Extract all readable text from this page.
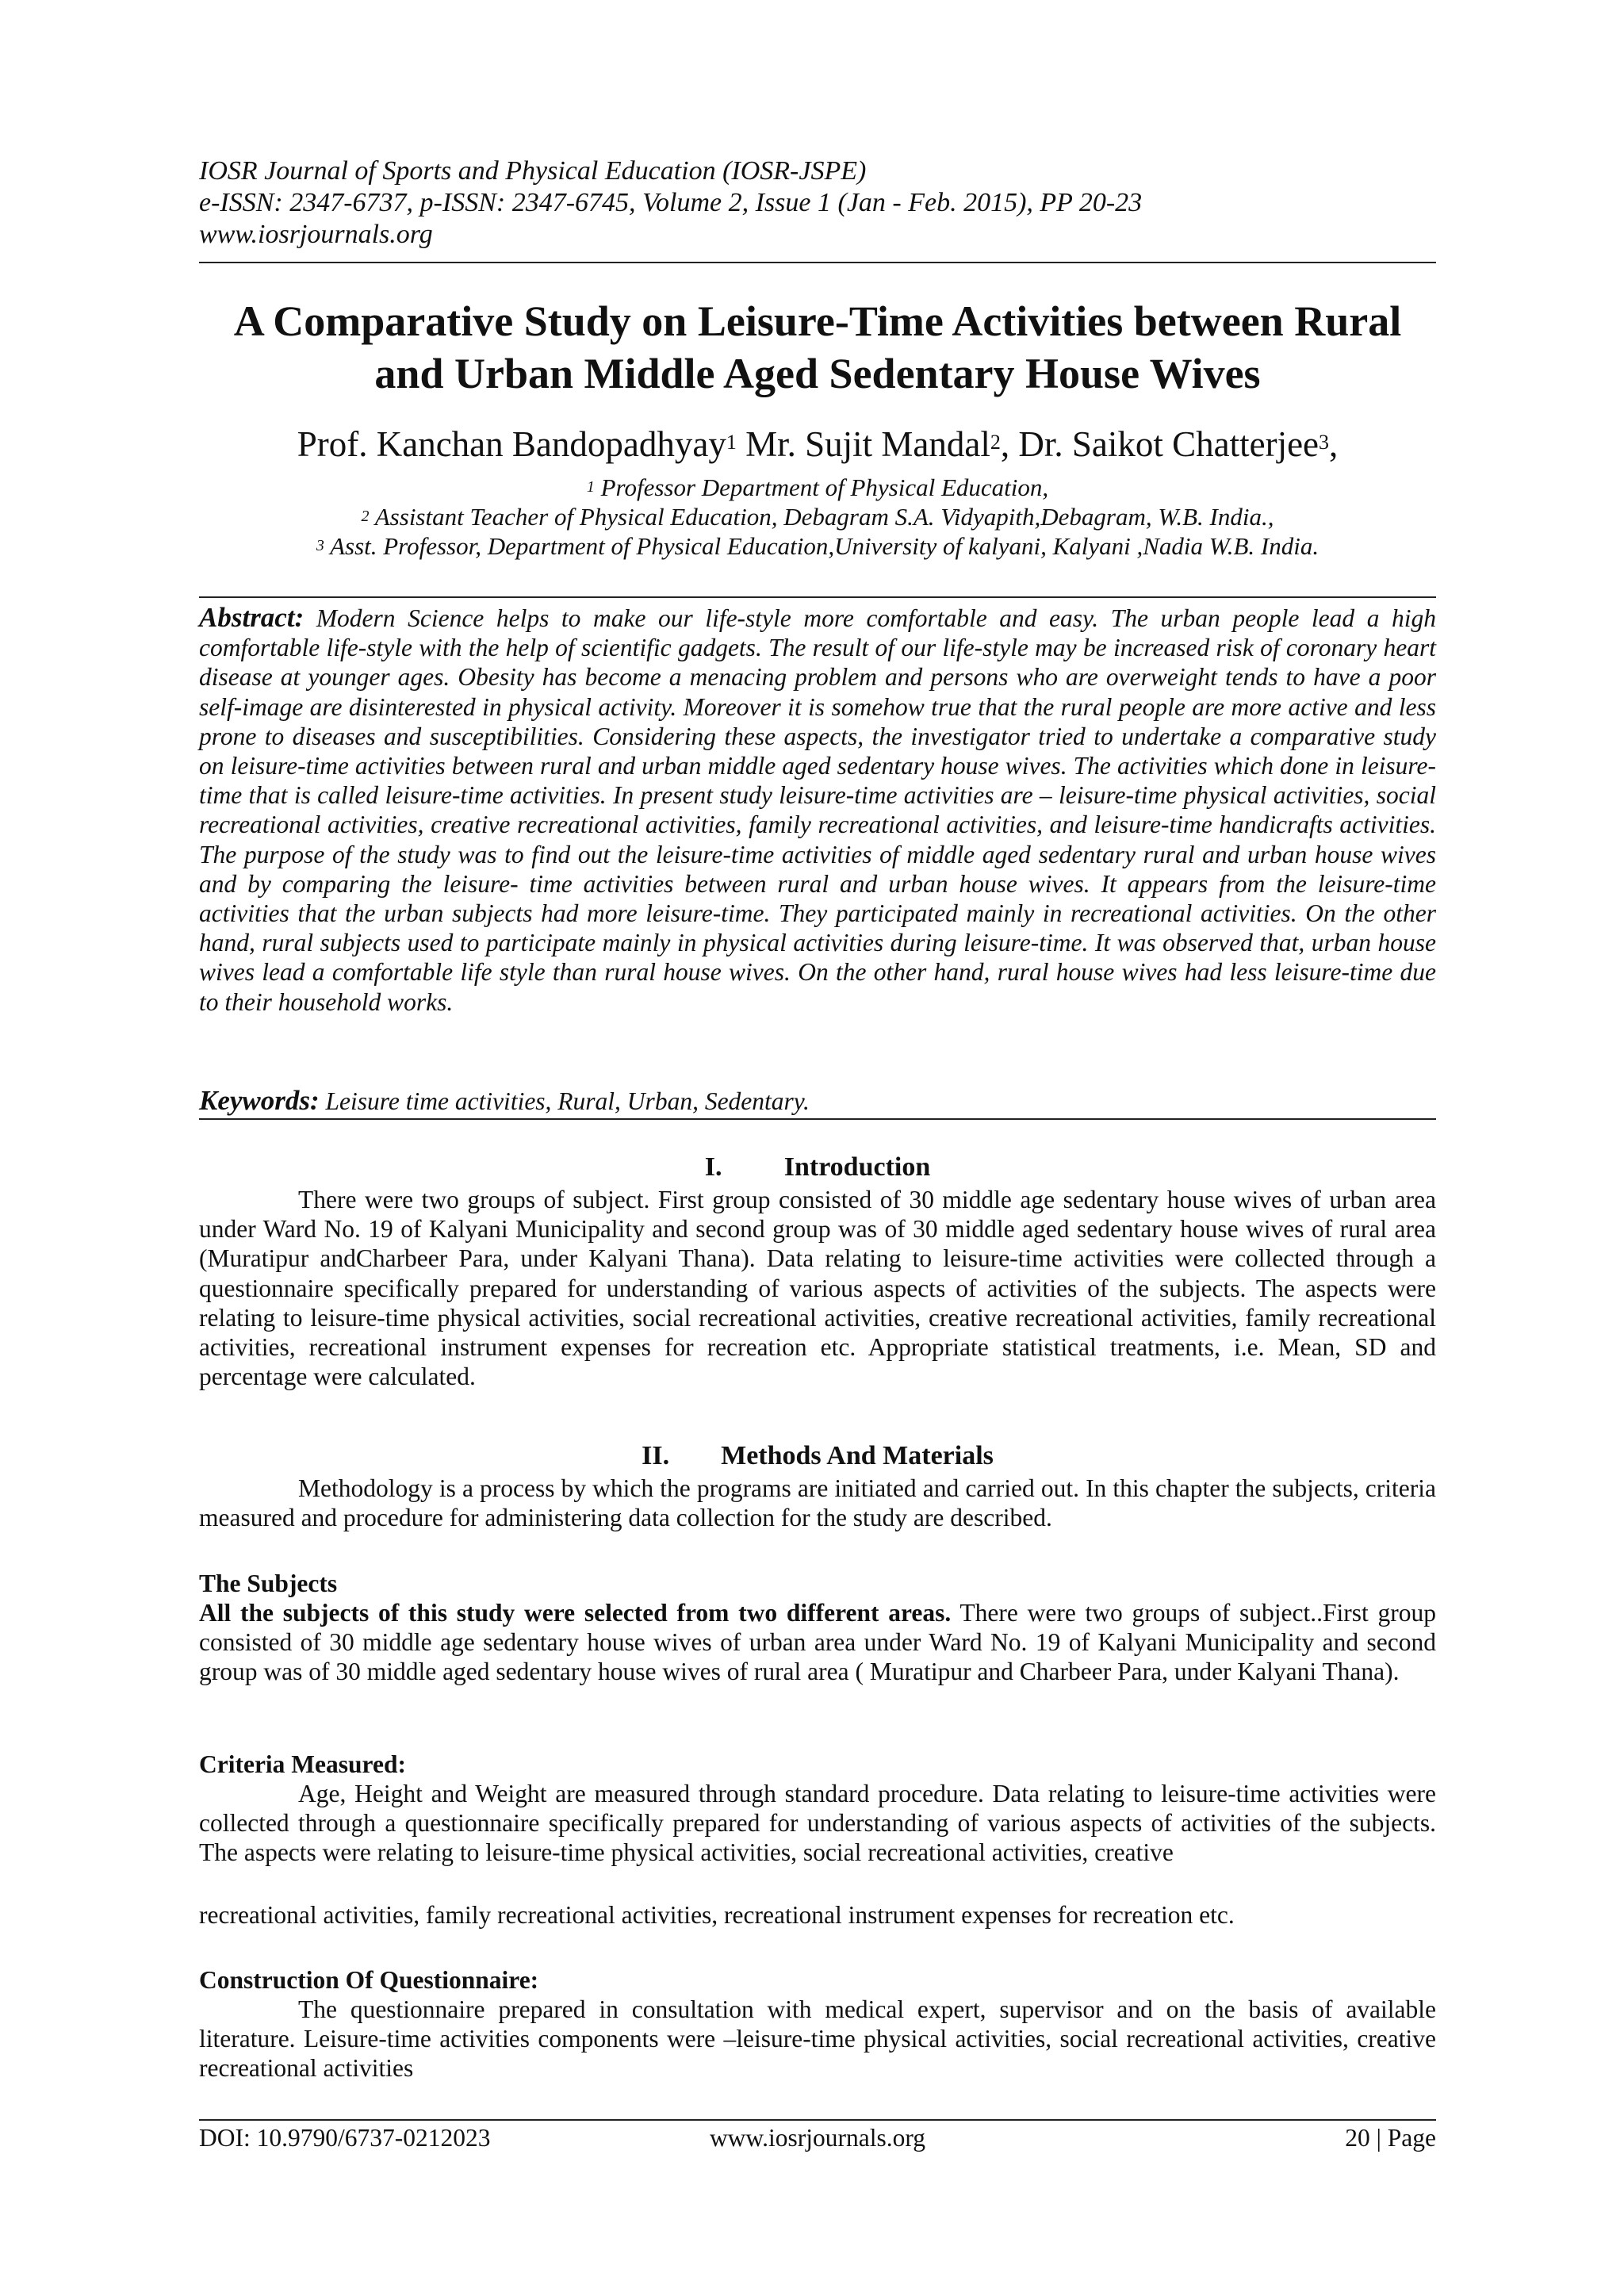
IOSR Journal of Sports and Physical Education (IOSR-JSPE)
e-ISSN: 2347-6737, p-ISSN: 2347-6745, Volume 2, Issue 1 (Jan - Feb. 2015), PP 20-23
www.iosrjournals.org
A Comparative Study on Leisure-Time Activities between Rural
and Urban Middle Aged Sedentary House Wives
Prof. Kanchan Bandopadhyay$^1$ Mr. Sujit Mandal$^2$, Dr. Saikot Chatterjee$^3$,
$^1$ Professor Department of Physical Education,
$^2$ Assistant Teacher of Physical Education, Debagram S.A. Vidyapith,Debagram, W.B. India.,
$^3$ Asst. Professor, Department of Physical Education,University of kalyani, Kalyani ,Nadia W.B. India.
Abstract: Modern Science helps to make our life-style more comfortable and easy. The urban people lead a high comfortable life-style with the help of scientific gadgets. The result of our life-style may be increased risk of coronary heart disease at younger ages. Obesity has become a menacing problem and persons who are overweight tends to have a poor self-image are disinterested in physical activity. Moreover it is somehow true that the rural people are more active and less prone to diseases and susceptibilities. Considering these aspects, the investigator tried to undertake a comparative study on leisure-time activities between rural and urban middle aged sedentary house wives. The activities which done in leisure-time that is called leisure-time activities. In present study leisure-time activities are – leisure-time physical activities, social recreational activities, creative recreational activities, family recreational activities, and leisure-time handicrafts activities. The purpose of the study was to find out the leisure-time activities of middle aged sedentary rural and urban house wives and by comparing the leisure- time activities between rural and urban house wives. It appears from the leisure-time activities that the urban subjects had more leisure-time. They participated mainly in recreational activities. On the other hand, rural subjects used to participate mainly in physical activities during leisure-time. It was observed that, urban house wives lead a comfortable life style than rural house wives. On the other hand, rural house wives had less leisure-time due to their household works.
Keywords: Leisure time activities, Rural, Urban, Sedentary.
I. Introduction
There were two groups of subject. First group consisted of 30 middle age sedentary house wives of urban area under Ward No. 19 of Kalyani Municipality and second group was of 30 middle aged sedentary house wives of rural area (Muratipur andCharbeer Para, under Kalyani Thana). Data relating to leisure-time activities were collected through a questionnaire specifically prepared for understanding of various aspects of activities of the subjects. The aspects were relating to leisure-time physical activities, social recreational activities, creative recreational activities, family recreational activities, recreational instrument expenses for recreation etc. Appropriate statistical treatments, i.e. Mean, SD and percentage were calculated.
II. Methods And Materials
Methodology is a process by which the programs are initiated and carried out. In this chapter the subjects, criteria measured and procedure for administering data collection for the study are described.
The Subjects
All the subjects of this study were selected from two different areas. There were two groups of subject..First group consisted of 30 middle age sedentary house wives of urban area under Ward No. 19 of Kalyani Municipality and second group was of 30 middle aged sedentary house wives of rural area ( Muratipur and Charbeer Para, under Kalyani Thana).
Criteria Measured:
Age, Height and Weight are measured through standard procedure. Data relating to leisure-time activities were collected through a questionnaire specifically prepared for understanding of various aspects of activities of the subjects. The aspects were relating to leisure-time physical activities, social recreational activities, creative
recreational activities, family recreational activities, recreational instrument expenses for recreation etc.
Construction Of Questionnaire:
The questionnaire prepared in consultation with medical expert, supervisor and on the basis of available literature. Leisure-time activities components were –leisure-time physical activities, social recreational activities, creative recreational activities
DOI: 10.9790/6737-0212023	www.iosrjournals.org	20 | Page
